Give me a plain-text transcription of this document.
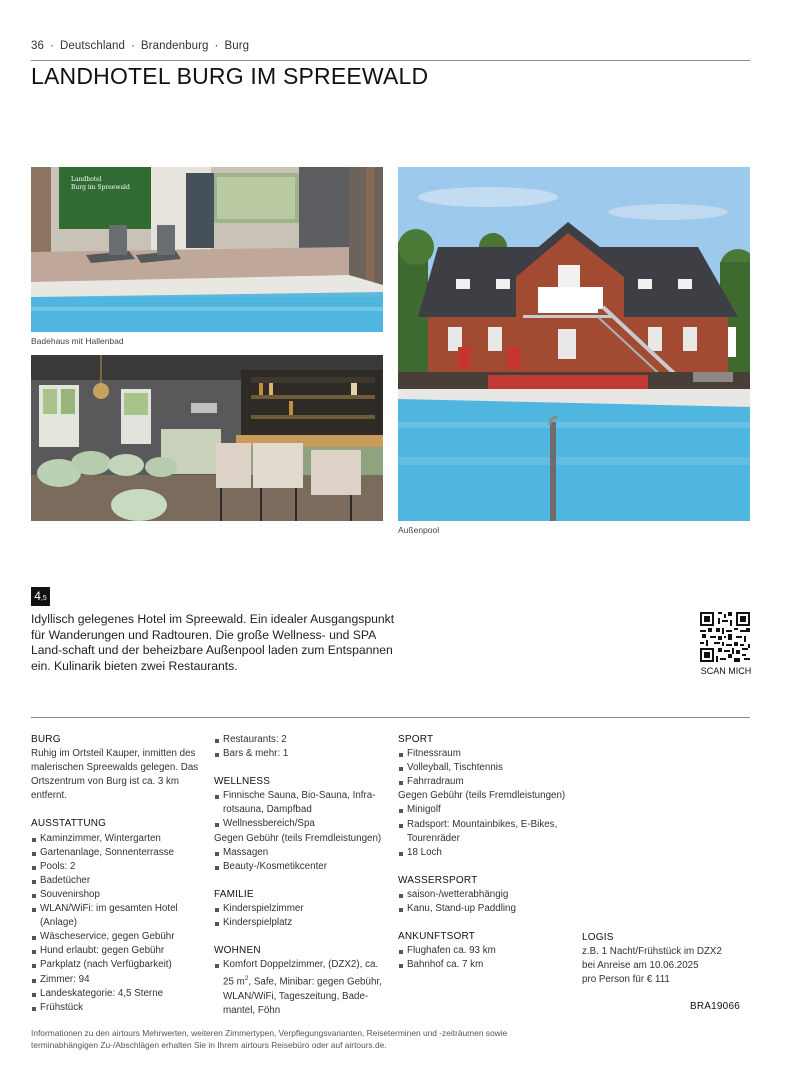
36 · Deutschland · Brandenburg · Burg
LANDHOTEL BURG IM SPREEWALD
Landhotel
Burg im Spreewald
Badehaus mit Hallenbad
Außenpool
4,5
Idyllisch gelegenes Hotel im Spreewald. Ein idealer Ausgangspunkt für Wanderungen und Radtouren. Die große Wellness- und SPA Land-schaft und der beheizbare Außenpool laden zum Entspannen ein. Kulinarik bieten zwei Restaurants.	SCAN MICH
BURG

Ruhig im Ortsteil Kauper, inmitten des malerischen Spreewalds gelegen. Das Ortszentrum von Burg ist ca. 3 km entfernt.

AUSSTATTUNG
Kaminzimmer, Wintergarten
Gartenanlage, Sonnenterrasse
Pools: 2
Badetücher
Souvenirshop
WLAN/WiFi: im gesamten Hotel (Anlage)
Wäscheservice, gegen Gebühr
Hund erlaubt: gegen Gebühr
Parkplatz (nach Verfügbarkeit)
Zimmer: 94
Landeskategorie: 4,5 Sterne
Frühstück
Restaurants: 2
Bars & mehr: 1
WELLNESS
Finnische Sauna, Bio-Sauna, Infra-rotsauna, Dampfbad
Wellnessbereich/Spa

Gegen Gebühr (teils Fremdleistungen)

Massagen
Beauty-/Kosmetikcenter
FAMILIE
Kinderspielzimmer
Kinderspielplatz
WOHNEN
Komfort Doppelzimmer, (DZX2), ca. 25 $m^2$, Safe, Minibar: gegen Gebühr, WLAN/WiFi, Tageszeitung, Bade-mantel, Föhn
SPORT
Fitnessraum
Volleyball, Tischtennis
Fahrradraum

Gegen Gebühr (teils Fremdleistungen)

Minigolf
Radsport: Mountainbikes, E-Bikes, Tourenräder
18 Loch
WASSERSPORT
saison-/wetterabhängig
Kanu, Stand-up Paddling
ANKUNFTSORT
Flughafen ca. 93 km
Bahnhof ca. 7 km
LOGIS

z.B. 1 Nacht/Frühstück im DZX2

bei Anreise am 10.06.2025

pro Person für € 111

BRA19066
Informationen zu den airtours Mehrwerten, weiteren Zimmertypen, Verpflegungsvarianten, Reiseterminen und -zeiträumen sowie terminabhängigen Zu-/Abschlägen erhalten Sie in Ihrem airtours Reisebüro oder auf airtours.de.
